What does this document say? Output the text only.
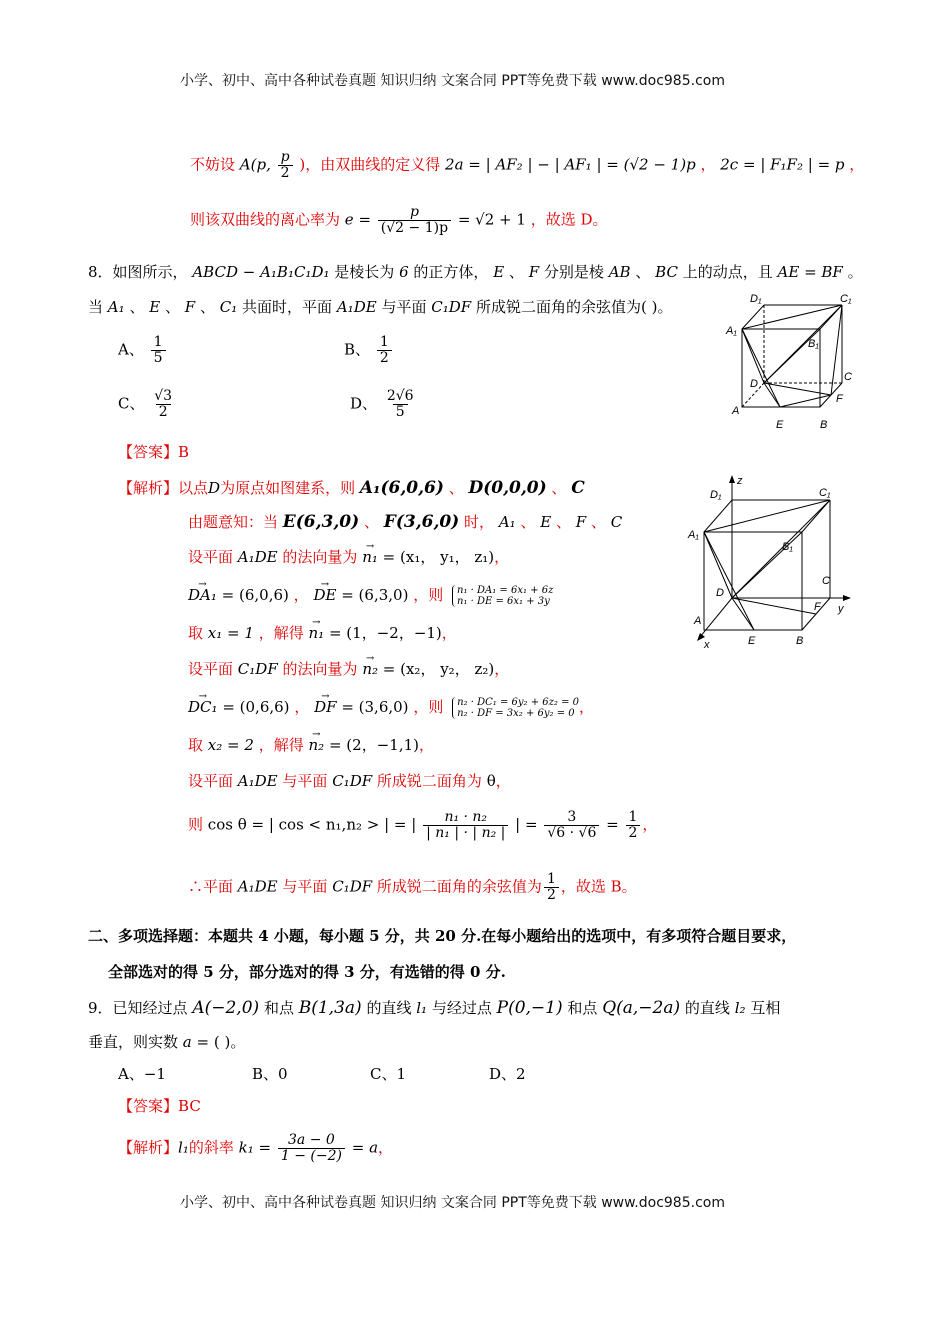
小学、初中、高中各种试卷真题 知识归纳 文案合同 PPT等免费下载 www.doc985.com
不妨设 A(p, $\frac{p}{2}$ )，由双曲线的定义得 2a = | AF₂ | − | AF₁ | = (√2 − 1)p ， 2c = | F₁F₂ | = p ，
则该双曲线的离心率为 $e = \frac{p}{(√2 - 1)p} = √2 + 1$ ，故选 D。
8．如图所示， ABCD − A₁B₁C₁D₁ 是棱长为 6 的正方体， E 、 F 分别是棱 AB 、 BC 上的动点，且 AE = BF 。
当 A₁ 、 E 、 F 、 C₁ 共面时，平面 A₁DE 与平面 C₁DF 所成锐二面角的余弦值为( )。
A、 $\frac{1}{5}$	B、 $\frac{1}{2}$
C、 $\frac{√3}{2}$	D、 $\frac{2√6}{5}$
D₁	C₁
A₁
B₁
D
C
A
F
E	B
【答案】B
【解析】以点D为原点如图建系，则 A₁(6,0,6) 、 D(0,0,0) 、 C
由题意知：当 E(6,3,0) 、 F(3,6,0) 时， A₁ 、 E 、 F 、 C
设平面 A₁DE 的法向量为 → n₁ = (x₁， y₁， z₁)，
→ DA₁ = (6,0,6) ， → DE = (6,3,0) ，则 n₁ · DA₁ = 6x₁ + 6z
n₁ · DE = 6x₁ + 3y
取 x₁ = 1 ，解得 → n₁ = (1，−2，−1)，
设平面 C₁DF 的法向量为 → n₂ = (x₂， y₂， z₂)，
→ DC₁ = (0,6,6) ， → DF = (3,6,0) ，则 n₂ · DC₁ = 6y₂ + 6z₂ = 0
n₂ · DF = 3x₂ + 6y₂ = 0 ，
取 x₂ = 2 ，解得 → n₂ = (2，−1,1)，
设平面 A₁DE 与平面 C₁DF 所成锐二面角为 θ，
则 cos θ = | cos < n₁,n₂ > | = | $\frac{\text{n₁ · n₂}}{\text{| n₁ | · | n₂ |}}$ | = $\frac{3}{√6 \cdot √6} = \frac{1}{2}$ ，
∴平面 A₁DE 与平面 C₁DF 所成锐二面角的余弦值为 $\frac{1}{2}$ ，故选 B。
z
D₁	C₁
A₁
B₁
D
C
y
F
A
E	B
x
二、多项选择题：本题共 4 小题，每小题 5 分，共 20 分.在每小题给出的选项中，有多项符合题目要求，
全部选对的得 5 分，部分选对的得 3 分，有选错的得 0 分.
9．已知经过点 A(−2,0) 和点 B(1,3a) 的直线 l₁ 与经过点 P(0,−1) 和点 Q(a,−2a) 的直线 l₂ 互相
垂直，则实数 a = ( )。
A、−1	B、0	C、1	D、2
【答案】BC
【解析】l₁的斜率 $k_1 = \frac{3a - 0}{1 - (-2)} = a$，
小学、初中、高中各种试卷真题 知识归纳 文案合同 PPT等免费下载 www.doc985.com
